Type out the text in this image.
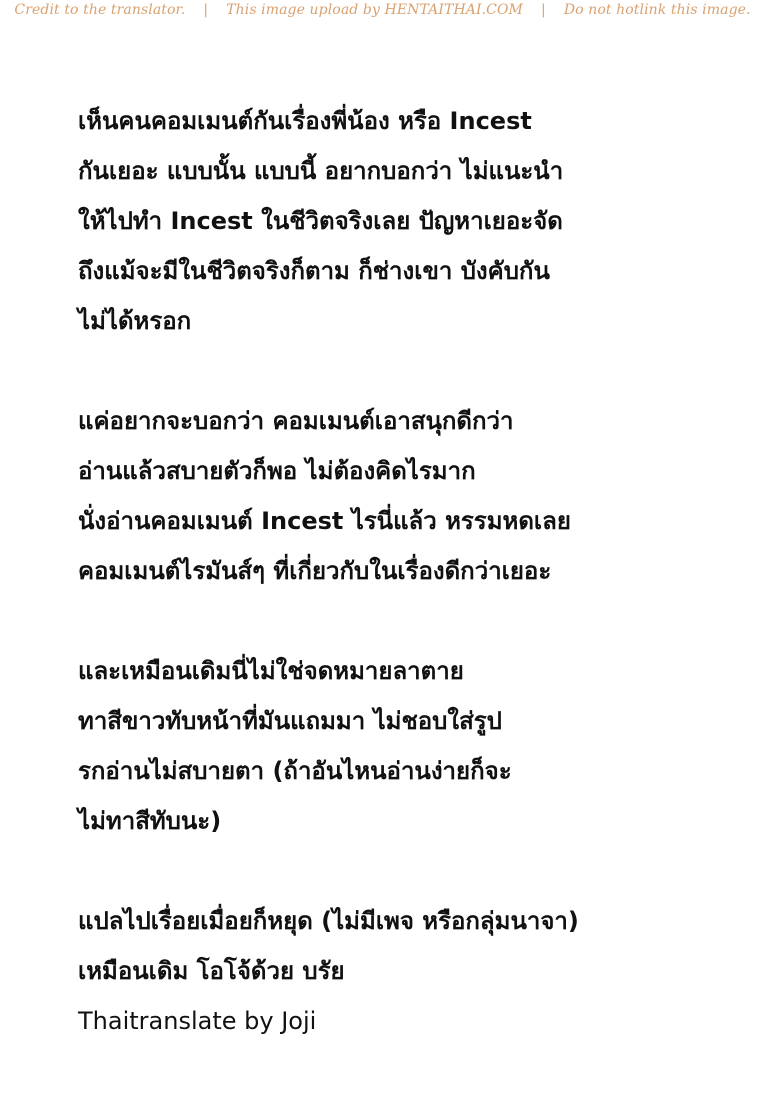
Credit to the translator.	|	This image upload by HENTAITHAI.COM	|	Do not hotlink this image.
เห็นคนคอมเมนต์กันเรื่องพี่น้อง หรือ Incest
กันเยอะ แบบนั้น แบบนี้ อยากบอกว่า ไม่แนะนำ
ให้ไปทำ Incest ในชีวิตจริงเลย ปัญหาเยอะจัด
ถึงแม้จะมีในชีวิตจริงก็ตาม ก็ช่างเขา บังคับกัน
ไม่ได้หรอก
แค่อยากจะบอกว่า คอมเมนต์เอาสนุกดีกว่า
อ่านแล้วสบายตัวก็พอ ไม่ต้องคิดไรมาก
นั่งอ่านคอมเมนต์ Incest ไรนี่แล้ว หรรมหดเลย
คอมเมนต์ไรมันส์ๆ ที่เกี่ยวกับในเรื่องดีกว่าเยอะ
และเหมือนเดิมนี่ไม่ใช่จดหมายลาตาย
ทาสีขาวทับหน้าที่มันแถมมา ไม่ชอบใส่รูป
รกอ่านไม่สบายตา (ถ้าอันไหนอ่านง่ายก็จะ
ไม่ทาสีทับนะ)
แปลไปเรื่อยเมื่อยก็หยุด (ไม่มีเพจ หรือกลุ่มนาจา)
เหมือนเดิม โอโจ้ด้วย บรัย
Thaitranslate by Joji
